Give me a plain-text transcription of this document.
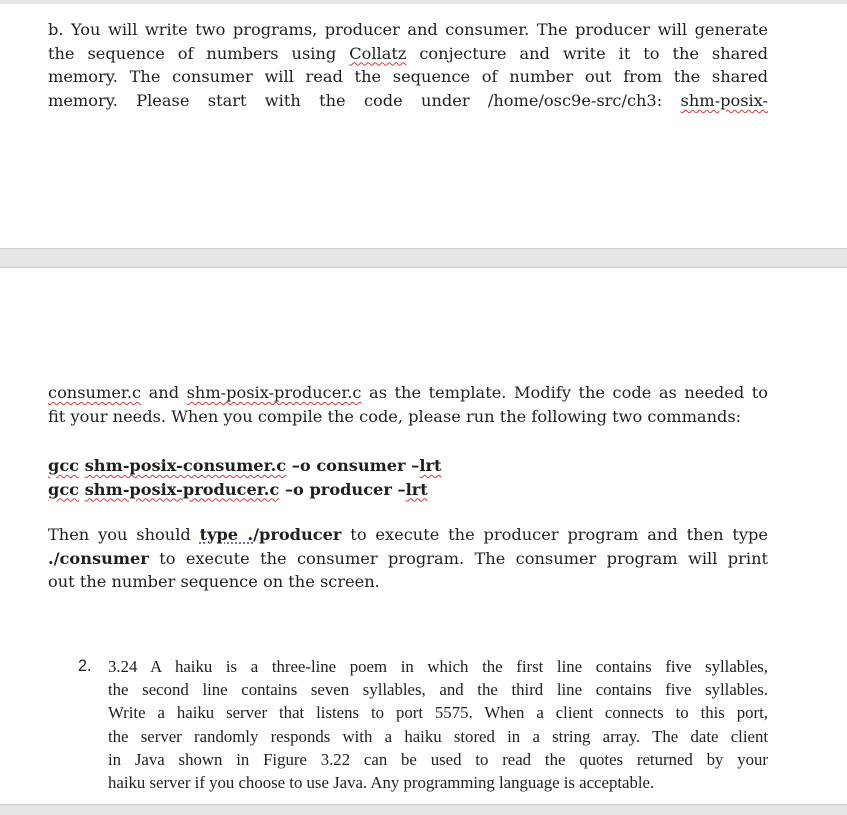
b. You will write two programs, producer and consumer. The producer will generate
the sequence of numbers using Collatz conjecture and write it to the shared
memory. The consumer will read the sequence of number out from the shared
memory. Please start with the code under /home/osc9e-src/ch3: shm-posix-
consumer.c and shm-posix-producer.c as the template. Modify the code as needed to
fit your needs. When you compile the code, please run the following two commands:
gcc shm-posix-consumer.c –o consumer –lrt
gcc shm-posix-producer.c –o producer –lrt
Then you should type ./producer to execute the producer program and then type
./consumer to execute the consumer program. The consumer program will print
out the number sequence on the screen.
2. 3.24 A haiku is a three-line poem in which the first line contains five syllables,
the second line contains seven syllables, and the third line contains five syllables.
Write a haiku server that listens to port 5575. When a client connects to this port,
the server randomly responds with a haiku stored in a string array. The date client
in Java shown in Figure 3.22 can be used to read the quotes returned by your
haiku server if you choose to use Java. Any programming language is acceptable.
